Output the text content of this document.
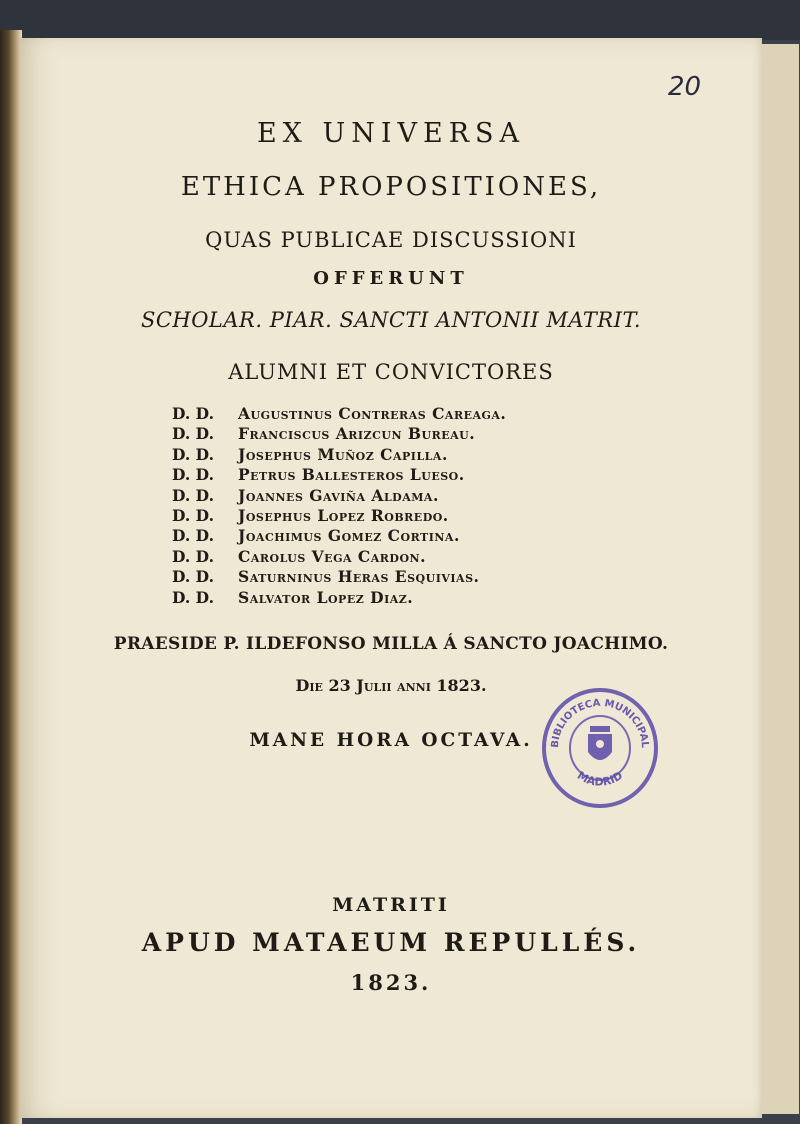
20
EX UNIVERSA
ETHICA PROPOSITIONES,
QUAS PUBLICAE DISCUSSIONI
OFFERUNT
SCHOLAR. PIAR. SANCTI ANTONII MATRIT.
ALUMNI ET CONVICTORES
D. D. Augustinus Contreras Careaga.
D. D. Franciscus Arizcun Bureau.
D. D. Josephus Muñoz Capilla.
D. D. Petrus Ballesteros Lueso.
D. D. Joannes Gaviña Aldama.
D. D. Josephus Lopez Robredo.
D. D. Joachimus Gomez Cortina.
D. D. Carolus Vega Cardon.
D. D. Saturninus Heras Esquivias.
D. D. Salvator Lopez Diaz.
PRAESIDE P. ILDEFONSO MILLA Á SANCTO JOACHIMO.
Die 23 Julii anni 1823.
MANE HORA OCTAVA.	BIBLIOTECA MUNICIPAL
MADRID
MATRITI
APUD MATAEUM REPULLÉS.
1823.
